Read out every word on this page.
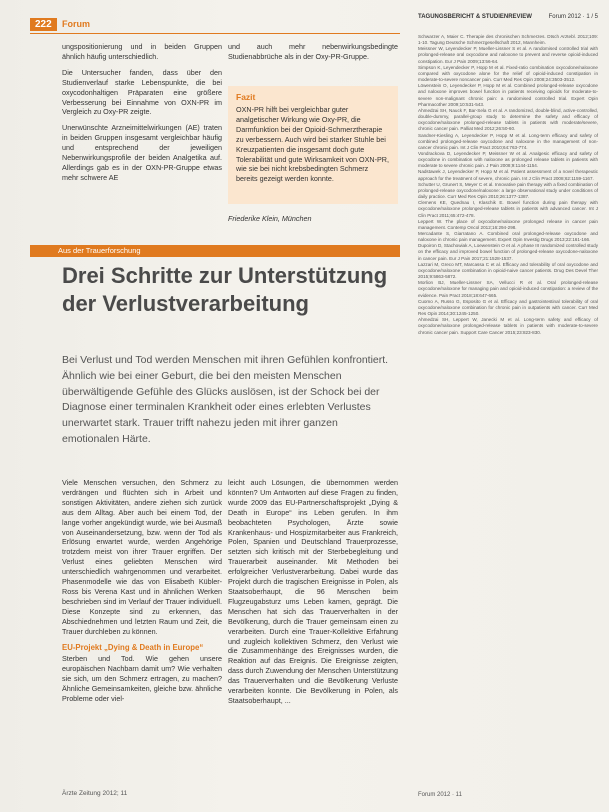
222	Forum

ungspositionierung und in beiden Gruppen ähnlich häufig unterschiedlich.

Die Untersucher fanden, dass über den Studienverlauf starke Lebenspunkte, die bei oxycodonhaltigen Präparaten eine größere Verbesserung bei Einnahme von OXN-PR im Vergleich zu Oxy-PR zeigte.

Unerwünschte Arzneimittelwirkungen (AE) traten in beiden Gruppen insgesamt vergleichbar häufig und entsprechend der jeweiligen Nebenwirkungsprofile der beiden Analgetika auf. Allerdings gab es in der OXN-PR-Gruppe etwas mehr schwere AE

und auch mehr nebenwirkungsbedingte Studienabbrüche als in der Oxy-PR-Gruppe.
Fazit
OXN-PR hilft bei vergleichbar guter analgetischer Wirkung wie Oxy-PR, die Darmfunktion bei der Opioid-Schmerztherapie zu verbessern. Auch wird bei starker Stuhle bei Kreuzpatienten die insgesamt doch gute Tolerabilität und gute Wirksamkeit von OXN-PR, wie sie bei nicht krebsbedingten Schmerz bereits gezeigt werden konnte.
Friederike Klein, München
Aus der Trauerforschung
Drei Schritte zur Unterstützung der Verlustverarbeitung
Bei Verlust und Tod werden Menschen mit ihren Gefühlen konfrontiert. Ähnlich wie bei einer Geburt, die bei den meisten Menschen überwältigende Gefühle des Glücks auslösen, ist der Schock bei der Diagnose einer terminalen Krankheit oder eines erlebten Verlustes unerwartet stark. Trauer trifft nahezu jeden mit ihrer ganzen emotionalen Härte.

Viele Menschen versuchen, den Schmerz zu verdrängen und flüchten sich in Arbeit und sonstigen Aktivitäten, andere ziehen sich zurück aus dem Alltag. Aber auch bei einem Tod, der lange vorher angekündigt wurde, wie bei Ausmaß von Auseinandersetzung, bzw. wenn der Tod als Erlösung erwartet wurde, werden Angehörige trotzdem meist von ihrer Trauer ergriffen. Der Verlust eines geliebten Menschen wird unterschiedlich wahrgenommen und verarbeitet. Phasenmodelle wie das von Elisabeth Kübler-Ross bis Verena Kast und in ähnlichen Werken beschrieben sind im Verlauf der Trauer individuell. Diese Konzepte sind zu erkennen, das Abschiednehmen und letzten Raum und Zeit, die Trauer durchleben zu können.

EU-Projekt „Dying & Death in Europe“

Sterben und Tod. Wie gehen unsere europäischen Nachbarn damit um? Wie verhalten sie sich, um den Schmerz ertragen, zu machen? Ähnliche Gemeinsamkeiten, gleiche bzw. ähnliche Probleme oder viel-

leicht auch Lösungen, die übernommen werden könnten? Um Antworten auf diese Fragen zu finden, wurde 2009 das EU-Partnerschaftsprojekt „Dying & Death in Europe“ ins Leben gerufen. In ihm beobachteten Psychologen, Ärzte sowie Krankenhaus- und Hospizmitarbeiter aus Frankreich, Polen, Spanien und Deutschland Trauerprozesse, setzten sich kritisch mit der Sterbebegleitung und Trauerarbeit auseinander. Mit Methoden bei erfolgreicher Verlustverarbeitung. Dabei wurde das Projekt durch die tragischen Ereignisse in Polen, als Staatsoberhaupt, die 96 Menschen beim Flugzeugabsturz ums Leben kamen, geprägt. Die Menschen hat sich das Trauerverhalten in der Bevölkerung, durch die Trauer gemeinsam einen zu verarbeiten. Durch eine Trauer-Kollektive Erfahrung und zugleich kollektiven Schmerz, den Verlust wie die Zusammenhänge des Ereignisses wurden, die Reaktion auf das Ereignis. Die Ereignisse zeigten, dass durch Zuwendung der Menschen Unterstützung das Trauerverhalten und die Bevölkerung Verluste verarbeiten konnte. Die Bevölkerung in Polen, als Staatsoberhaupt, ...

Ärzte Zeitung 2012; 11
TAGUNGSBERICHT & STUDIENREVIEW	Forum 2012 · 1 / 5

Schwarzer A, Maier C. Therapie des chronischen Schmerzes. Dtsch Arztebl. 2012;109: 1-10. Tagung Deutsche Schmerzgesellschaft 2012, Mannheim.

Meissner W, Leyendecker P, Mueller-Lissner S et al. A randomised controlled trial with prolonged-release oral oxycodone and naloxone to prevent and reverse opioid-induced constipation. Eur J Pain 2009;13:56-64.

Simpson K, Leyendecker P, Hopp M et al. Fixed-ratio combination oxycodone/naloxone compared with oxycodone alone for the relief of opioid-induced constipation in moderate-to-severe noncancer pain. Curr Med Res Opin 2008;24:3503-3512.

Löwenstein O, Leyendecker P, Hopp M et al. Combined prolonged-release oxycodone and naloxone improves bowel function in patients receiving opioids for moderate-to-severe non-malignant chronic pain: a randomised controlled trial. Expert Opin Pharmacother 2009;10:531-543.

Ahmedzai SH, Nauck F, Bar-Sela G et al. A randomized, double-blind, active-controlled, double-dummy, parallel-group study to determine the safety and efficacy of oxycodone/naloxone prolonged-release tablets in patients with moderate/severe, chronic cancer pain. Palliat Med 2012;26:50-60.

Sandner-Kiesling A, Leyendecker P, Hopp M et al. Long-term efficacy and safety of combined prolonged-release oxycodone and naloxone in the management of non-cancer chronic pain. Int J Clin Pract 2010;64:763-774.

Vondrackova D, Leyendecker P, Meissner W et al. Analgesic efficacy and safety of oxycodone in combination with naloxone as prolonged release tablets in patients with moderate to severe chronic pain. J Pain 2008;9:1144-1154.

Nadstawek J, Leyendecker P, Hopp M et al. Patient assessment of a novel therapeutic approach for the treatment of severe, chronic pain. Int J Clin Pract 2008;62:1159-1167.

Schutter U, Grunert S, Meyer C et al. Innovative pain therapy with a fixed combination of prolonged-release oxycodone/naloxone: a large observational study under conditions of daily practice. Curr Med Res Opin 2010;26:1377-1387.

Clemens KE, Quednau I, Klaschik E. Bowel function during pain therapy with oxycodone/naloxone prolonged-release tablets in patients with advanced cancer. Int J Clin Pract 2011;65:472-478.

Leppert W. The place of oxycodone/naloxone prolonged release in cancer pain management. Contemp Oncol 2012;16:294-298.

Mercadante S, Giarratano A. Combined oral prolonged-release oxycodone and naloxone in chronic pain management. Expert Opin Investig Drugs 2013;22:161-166.

Dupoiron D, Stachowiak A, Loewenstein O et al. A phase III randomized controlled study on the efficacy and improved bowel function of prolonged-release oxycodone-naloxone in cancer pain. Eur J Pain 2017;21:1528-1537.

Lazzari M, Greco MT, Marcassa C et al. Efficacy and tolerability of oral oxycodone and oxycodone/naloxone combination in opioid-naive cancer patients. Drug Des Devel Ther 2015;9:5863-5872.

Morlion BJ, Mueller-Lissner SA, Vellucci R et al. Oral prolonged-release oxycodone/naloxone for managing pain and opioid-induced constipation: a review of the evidence. Pain Pract 2018;18:647-665.

Cuomo A, Russo G, Esposito G et al. Efficacy and gastrointestinal tolerability of oral oxycodone/naloxone combination for chronic pain in outpatients with cancer. Curr Med Res Opin 2014;30:1245-1250.

Ahmedzai SH, Leppert W, Janecki M et al. Long-term safety and efficacy of oxycodone/naloxone prolonged-release tablets in patients with moderate-to-severe chronic cancer pain. Support Care Cancer 2015;23:823-830.

Forum 2012 · 11
